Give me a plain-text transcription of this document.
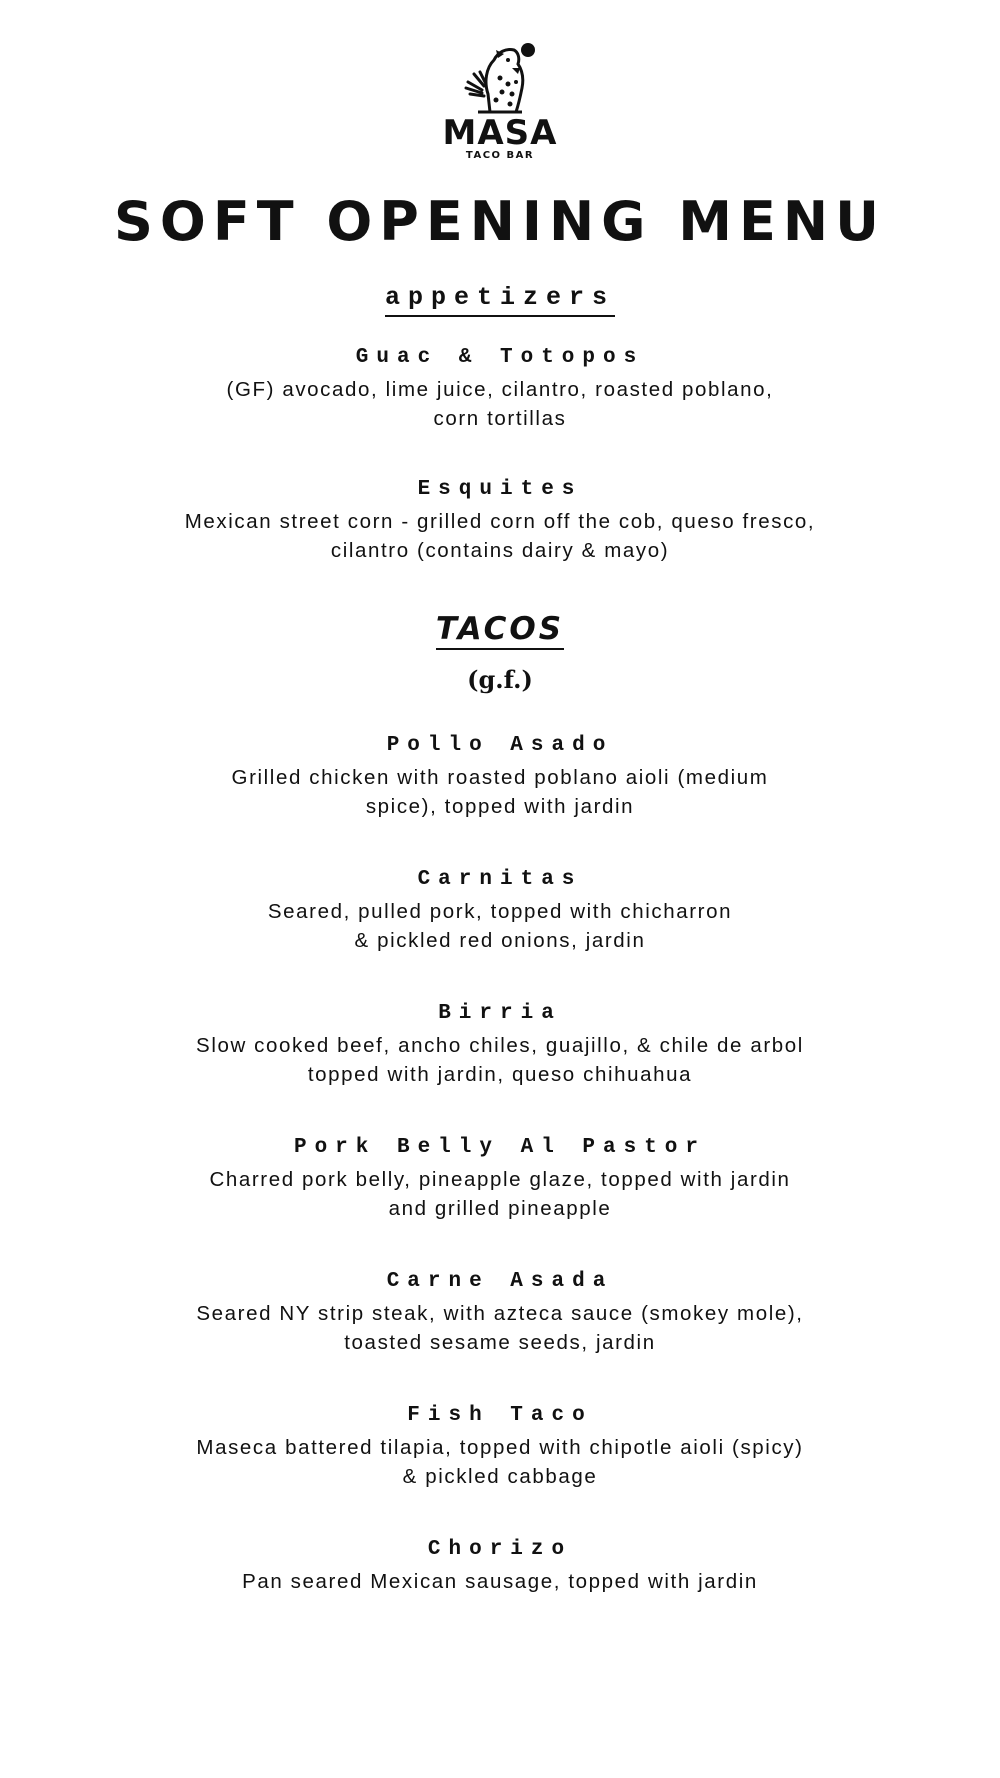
MASA
TACO BAR
SOFT OPENING MENU
appetizers
Guac & Totopos
(GF) avocado, lime juice, cilantro, roasted poblano,
corn tortillas
Esquites
Mexican street corn - grilled corn off the cob, queso fresco,
cilantro (contains dairy & mayo)
TACOS

(g.f.)

Pollo Asado
Grilled chicken with roasted poblano aioli (medium
spice), topped with jardin
Carnitas
Seared, pulled pork, topped with chicharron
& pickled red onions, jardin
Birria
Slow cooked beef, ancho chiles, guajillo, & chile de arbol
topped with jardin, queso chihuahua
Pork Belly Al Pastor
Charred pork belly, pineapple glaze, topped with jardin
and grilled pineapple
Carne Asada
Seared NY strip steak, with azteca sauce (smokey mole),
toasted sesame seeds, jardin
Fish Taco
Maseca battered tilapia, topped with chipotle aioli (spicy)
& pickled cabbage
Chorizo
Pan seared Mexican sausage, topped with jardin
